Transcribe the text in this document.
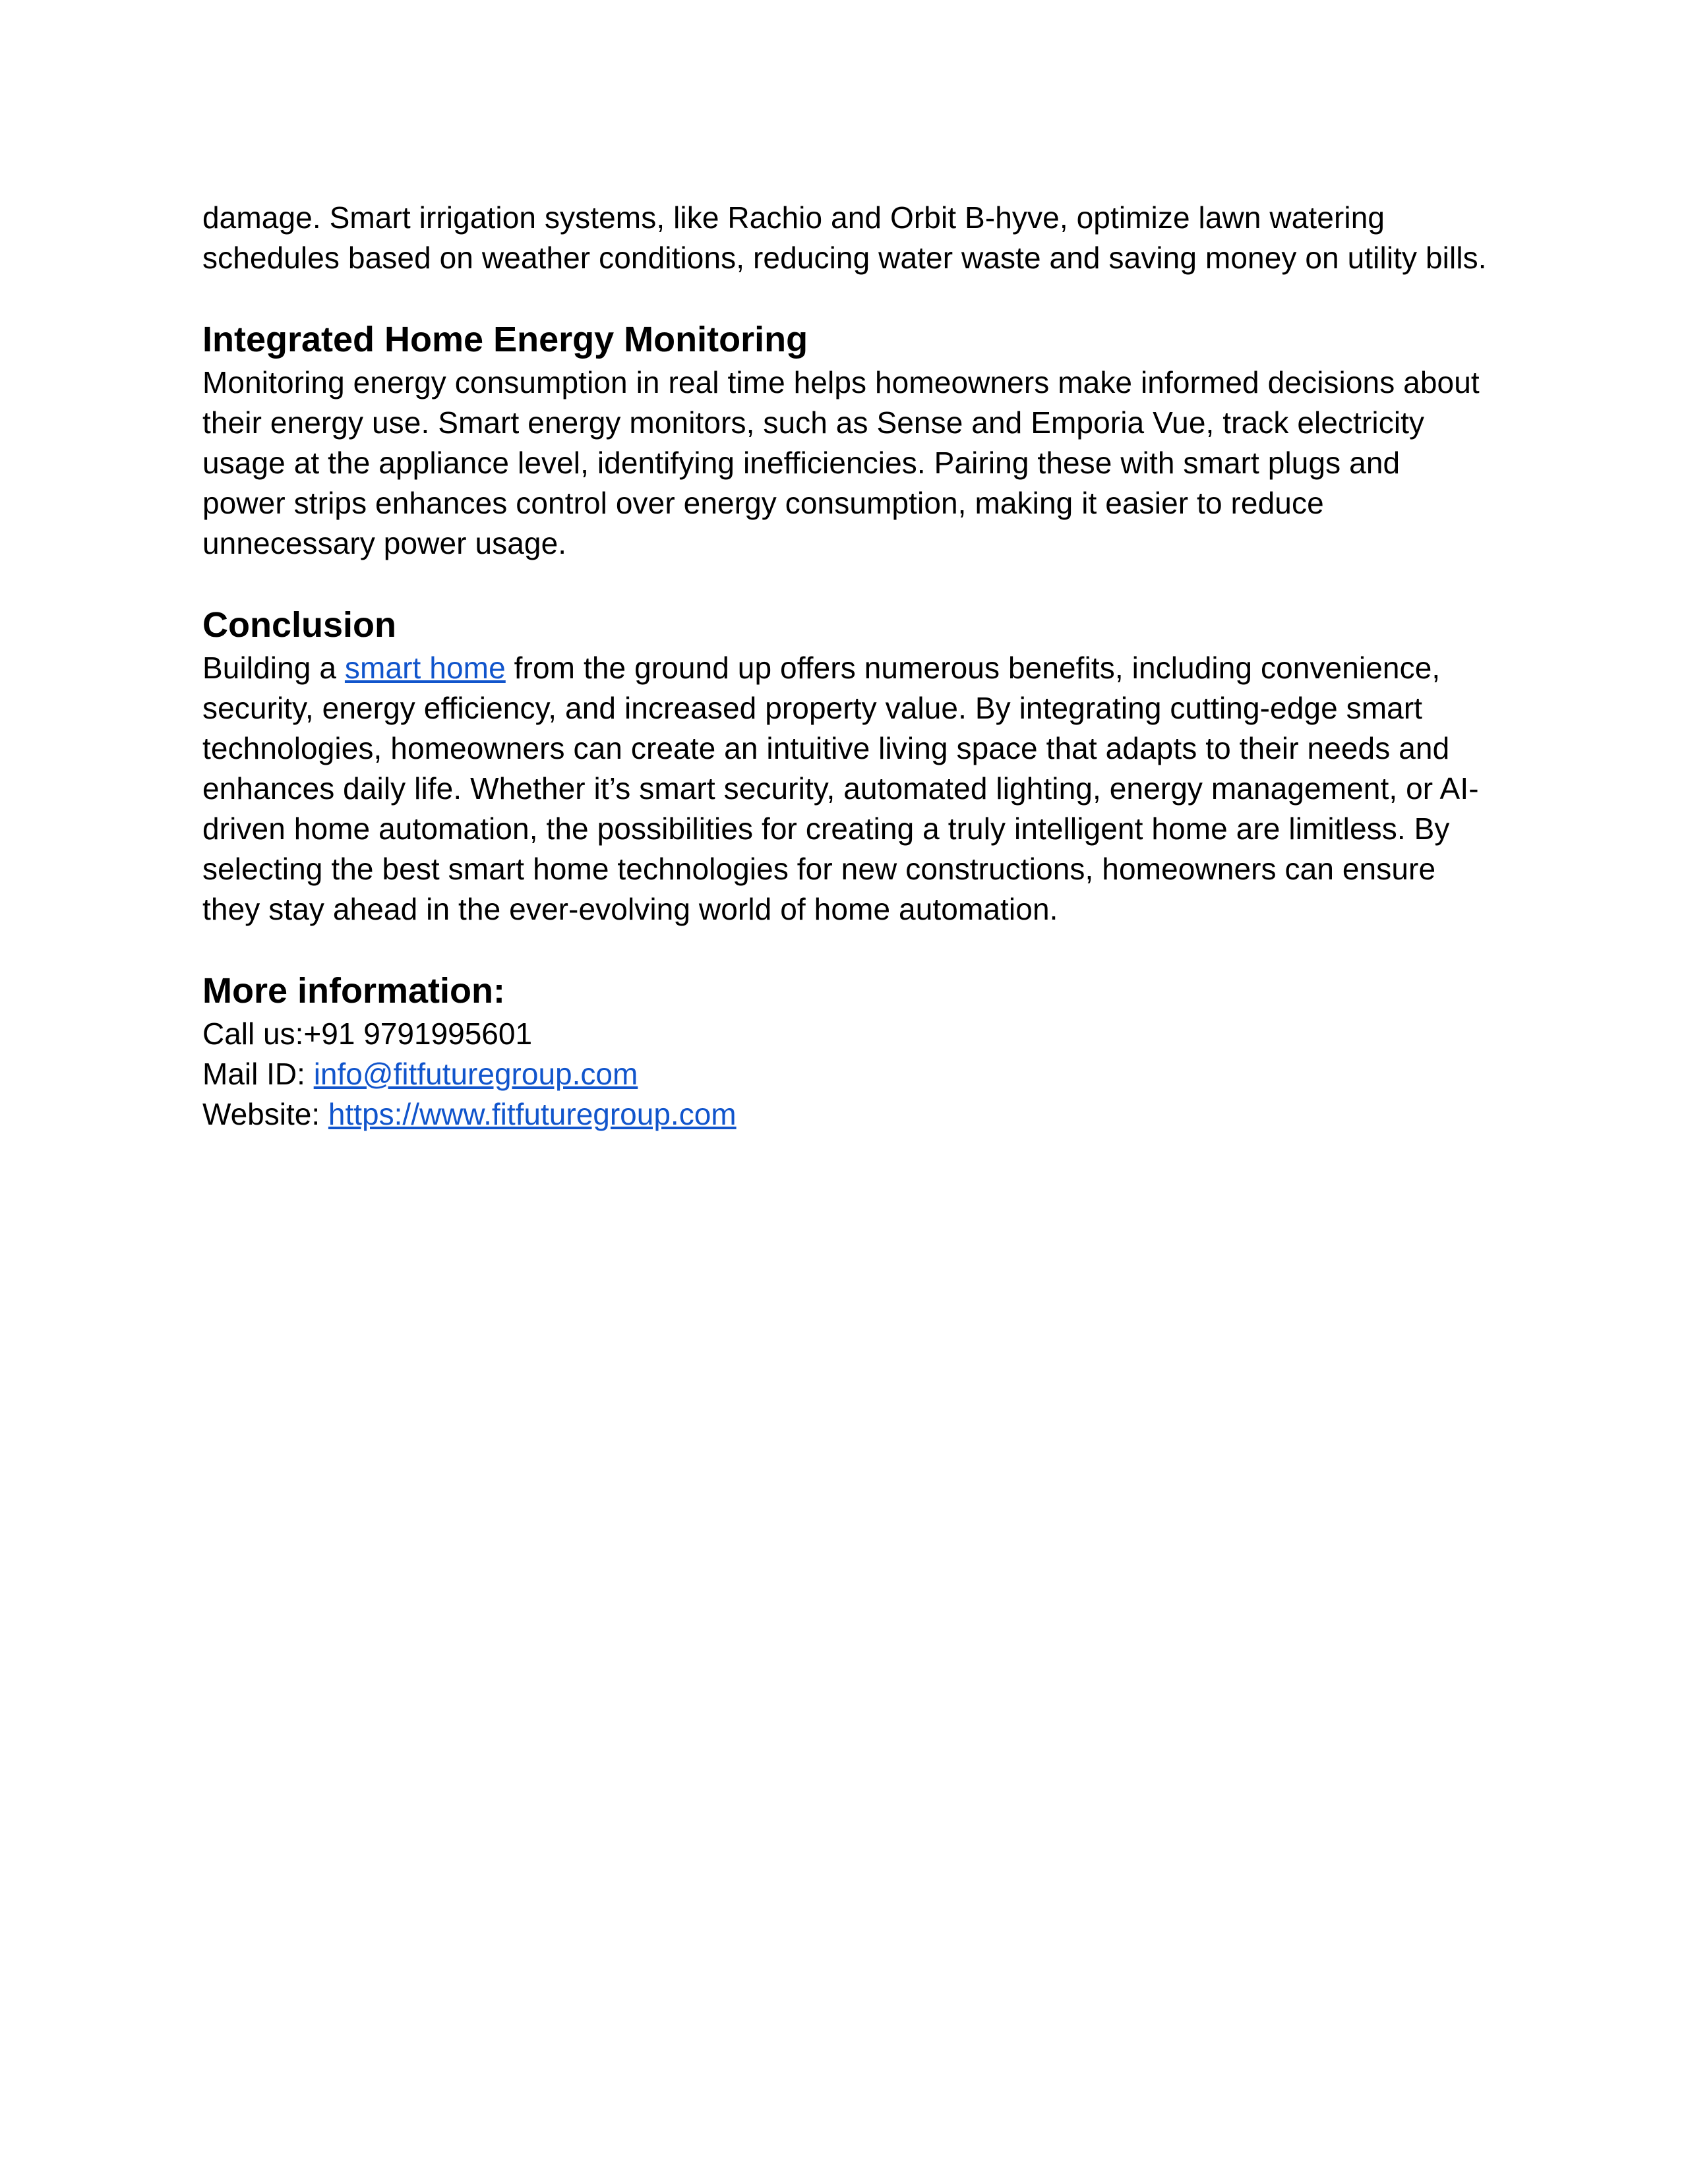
damage. Smart irrigation systems, like Rachio and Orbit B-hyve, optimize lawn watering schedules based on weather conditions, reducing water waste and saving money on utility bills.

Integrated Home Energy Monitoring

Monitoring energy consumption in real time helps homeowners make informed decisions about their energy use. Smart energy monitors, such as Sense and Emporia Vue, track electricity usage at the appliance level, identifying inefficiencies. Pairing these with smart plugs and power strips enhances control over energy consumption, making it easier to reduce unnecessary power usage.

Conclusion

Building a smart home from the ground up offers numerous benefits, including convenience, security, energy efficiency, and increased property value. By integrating cutting-edge smart technologies, homeowners can create an intuitive living space that adapts to their needs and enhances daily life. Whether it’s smart security, automated lighting, energy management, or AI-driven home automation, the possibilities for creating a truly intelligent home are limitless. By selecting the best smart home technologies for new constructions, homeowners can ensure they stay ahead in the ever-evolving world of home automation.

More information:
Call us:+91 9791995601
Mail ID: info@fitfuturegroup.com
Website: https://www.fitfuturegroup.com
